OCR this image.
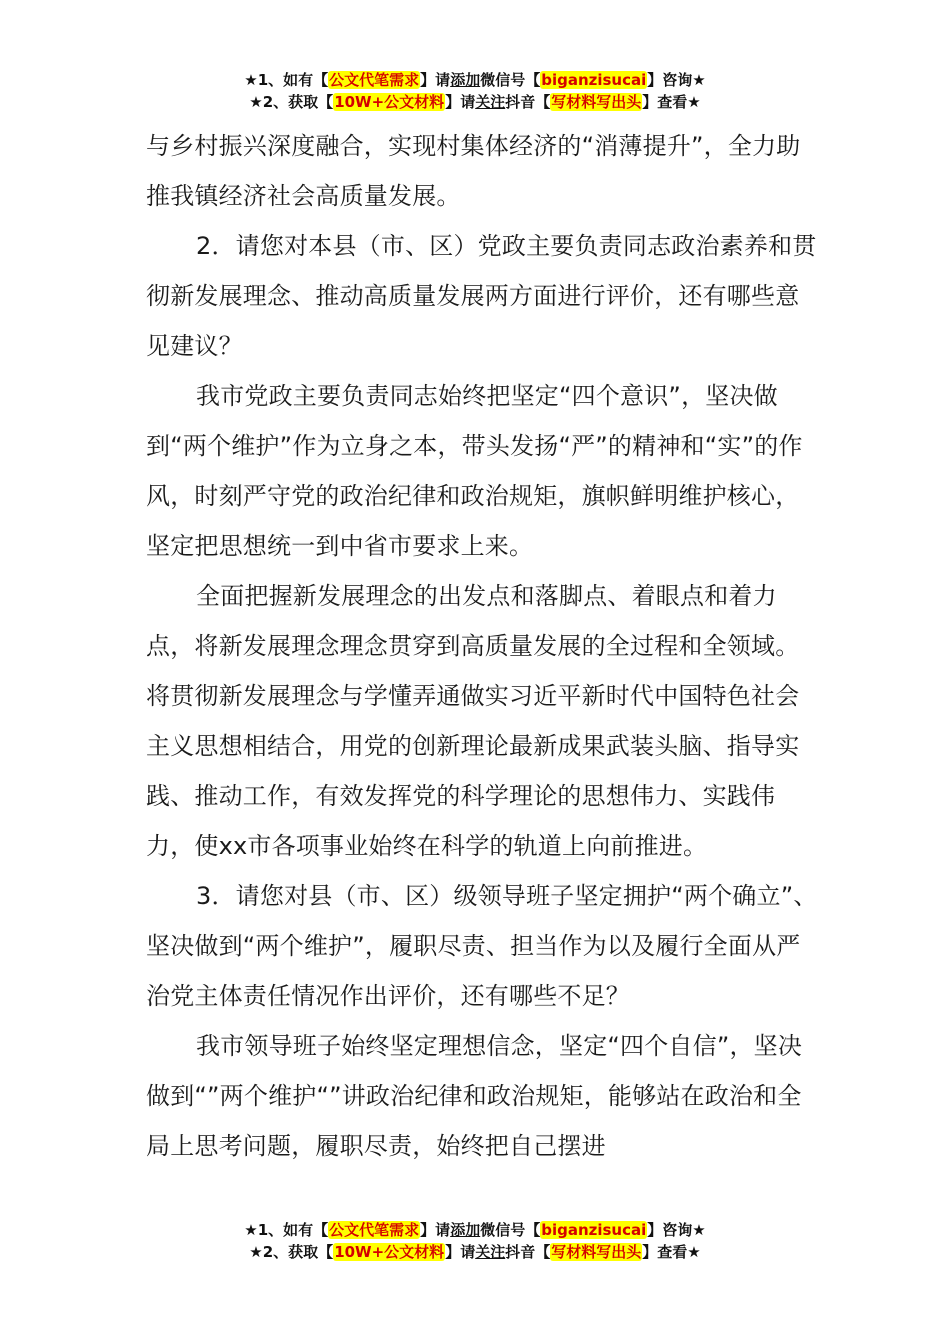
★1、如有【公文代笔需求】请添加微信号【biganzisucai】咨询★
★2、获取【10W+公文材料】请关注抖音【写材料写出头】查看★

与乡村振兴深度融合，实现村集体经济的“消薄提升”，全力助推我镇经济社会高质量发展。

2．请您对本县（市、区）党政主要负责同志政治素养和贯彻新发展理念、推动高质量发展两方面进行评价，还有哪些意见建议？

我市党政主要负责同志始终把坚定“四个意识”，坚决做到“两个维护”作为立身之本，带头发扬“严”的精神和“实”的作风，时刻严守党的政治纪律和政治规矩，旗帜鲜明维护核心，坚定把思想统一到中省市要求上来。

全面把握新发展理念的出发点和落脚点、着眼点和着力点，将新发展理念理念贯穿到高质量发展的全过程和全领域。将贯彻新发展理念与学懂弄通做实习近平新时代中国特色社会主义思想相结合，用党的创新理论最新成果武装头脑、指导实践、推动工作，有效发挥党的科学理论的思想伟力、实践伟力，使xx市各项事业始终在科学的轨道上向前推进。

3．请您对县（市、区）级领导班子坚定拥护“两个确立”、坚决做到“两个维护”，履职尽责、担当作为以及履行全面从严治党主体责任情况作出评价，还有哪些不足？

我市领导班子始终坚定理想信念，坚定“四个自信”，坚决做到“”两个维护“”讲政治纪律和政治规矩，能够站在政治和全局上思考问题，履职尽责，始终把自己摆进

★1、如有【公文代笔需求】请添加微信号【biganzisucai】咨询★
★2、获取【10W+公文材料】请关注抖音【写材料写出头】查看★
